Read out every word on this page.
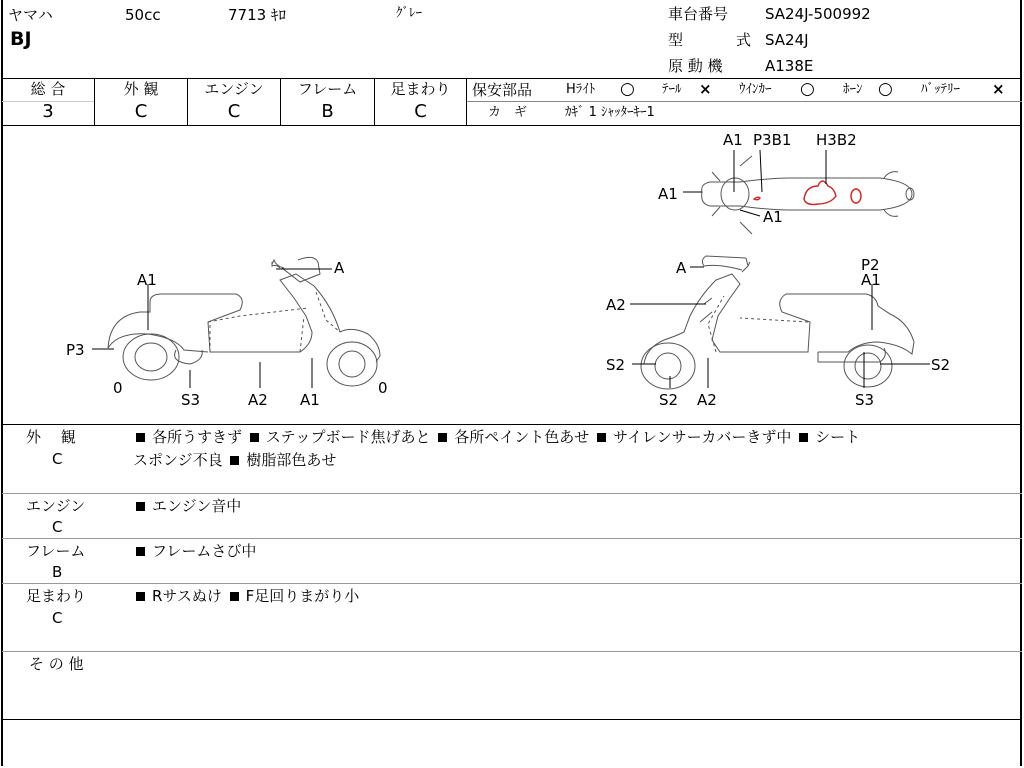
ヤマハ	50cc	7713 ｷﾛ	ｸﾞﾚｰ
BJ
車台番号 SA24J-500992
型	式 SA24J
原 動 機	A138E
総 合
3
外 観
C
エンジン
C
フレーム
B
足まわり
C
保安部品	Hﾗｲﾄ ○ ﾃｰﾙ × ｳｲﾝｶｰ ○ ﾎｰﾝ ○ ﾊﾞｯﾃﾘｰ ×
カ　ギ	ｶｷﾞ 1 ｼｬｯﾀｰｷｰ1
A1 P3B1 H3B2
A1
A1
A
A1
P3
0
S3	A2 A1
0
A
A2
P2
A1
S2	S2
S2 A2	S3
外　 観
C
各所うすきず ステップボード焦げあと 各所ペイント色あせ サイレンサーカバーきず中 シート
スポンジ不良 樹脂部色あせ
エンジン
C
エンジン音中
フレーム
B
フレームさび中
足まわり
C
Rサスぬけ F足回りまがり小
そ の 他
